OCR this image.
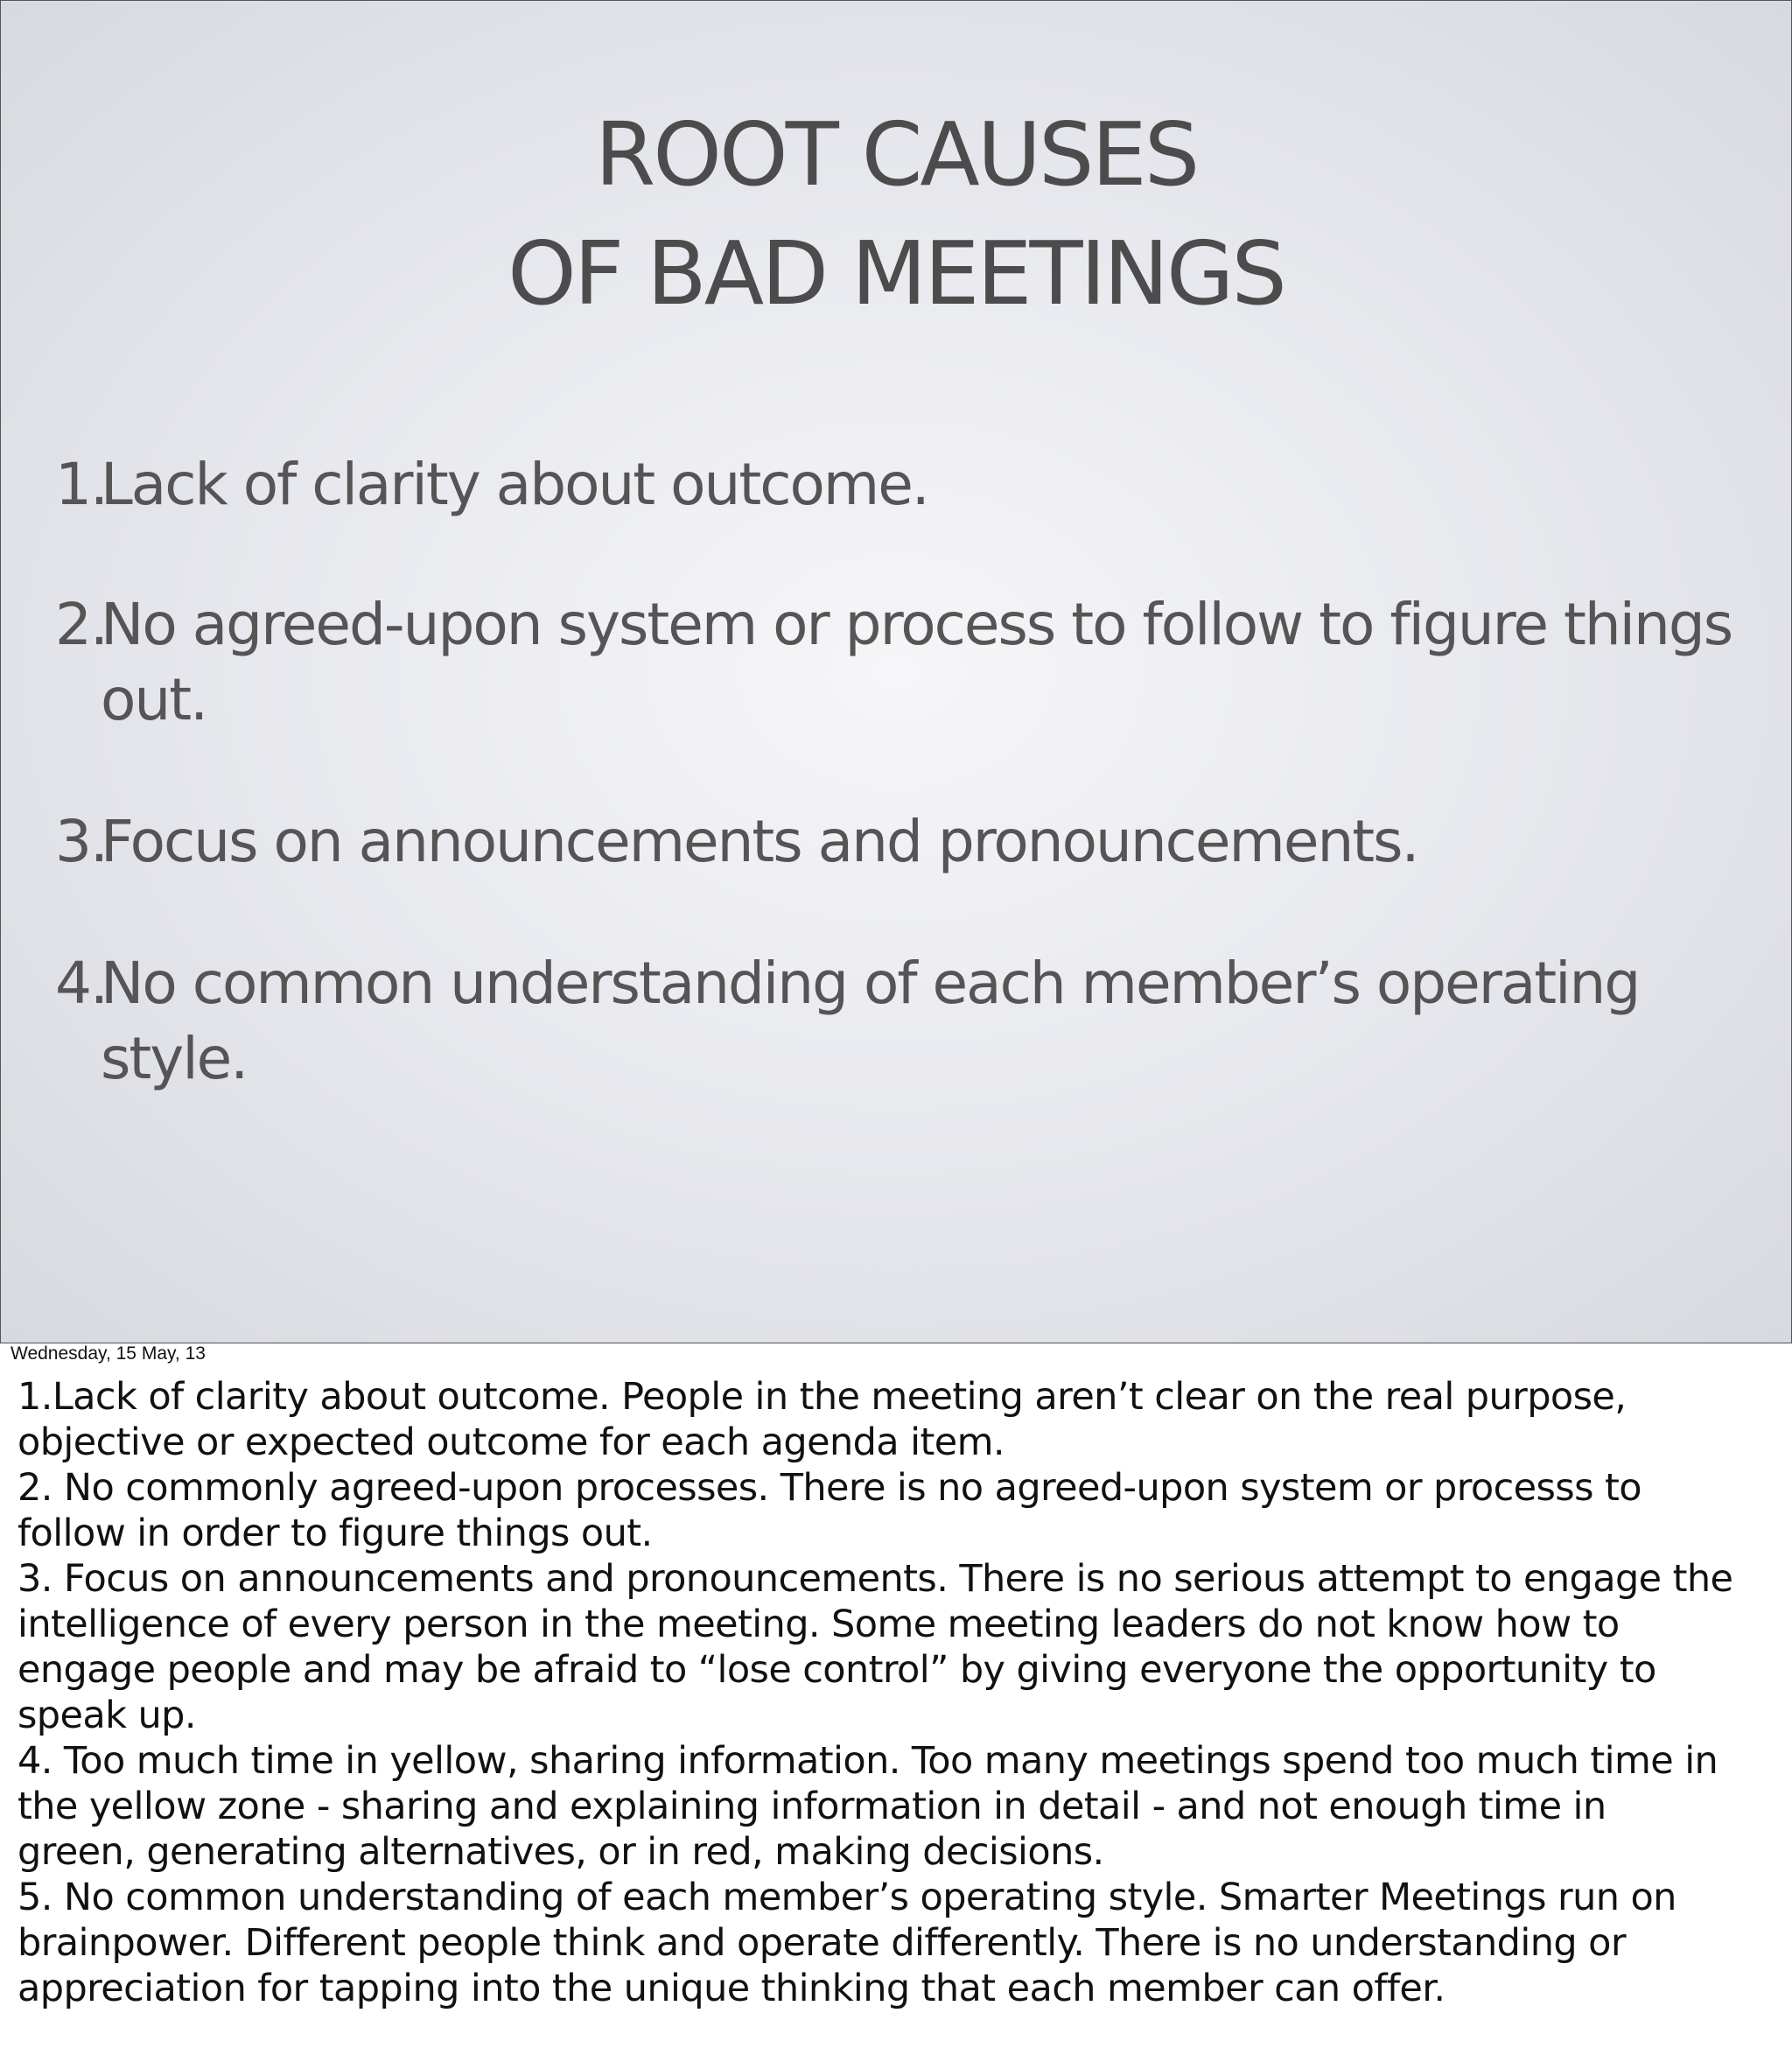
ROOT CAUSES
OF BAD MEETINGS
1.
Lack of clarity about outcome.
2.
No agreed-upon system or process to follow to figure things out.
3.
Focus on announcements and pronouncements.
4.
No common understanding of each member’s operating style.
Wednesday, 15 May, 13
1.Lack of clarity about outcome. People in the meeting aren’t clear on the real purpose,
objective or expected outcome for each agenda item.
2. No commonly agreed-upon processes. There is no agreed-upon system or processs to
follow in order to figure things out.
3. Focus on announcements and pronouncements. There is no serious attempt to engage the
intelligence of every person in the meeting. Some meeting leaders do not know how to
engage people and may be afraid to “lose control” by giving everyone the opportunity to
speak up.
4. Too much time in yellow, sharing information. Too many meetings spend too much time in
the yellow zone - sharing and explaining information in detail - and not enough time in
green, generating alternatives, or in red, making decisions.
5. No common understanding of each member’s operating style. Smarter Meetings run on
brainpower. Different people think and operate differently. There is no understanding or
appreciation for tapping into the unique thinking that each member can offer.
